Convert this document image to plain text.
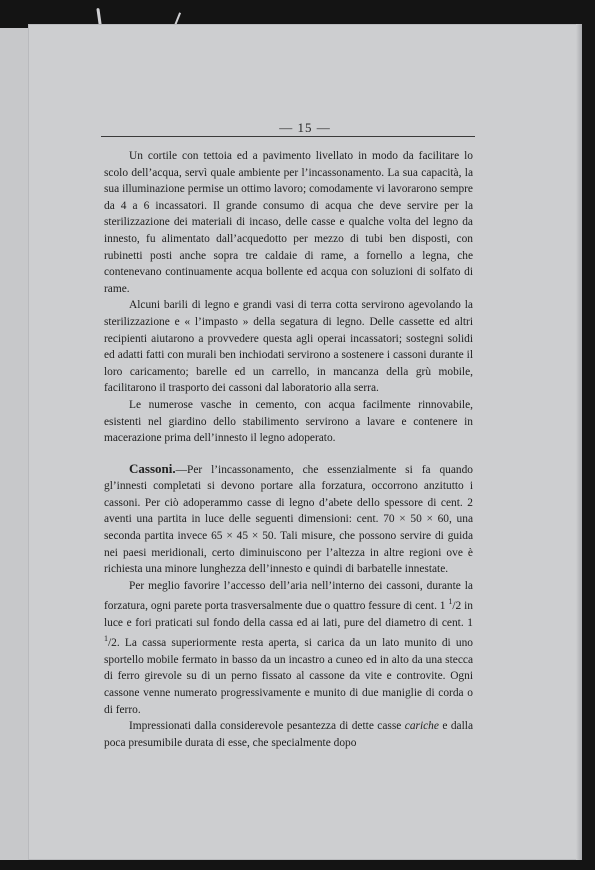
— 15 —

Un cortile con tettoia ed a pavimento livellato in modo da facilitare lo scolo dell’acqua, servì quale ambiente per l’incassonamento. La sua capacità, la sua illuminazione permise un ottimo lavoro; comodamente vi lavorarono sempre da 4 a 6 incassatori. Il grande consumo di acqua che deve servire per la sterilizzazione dei materiali di incaso, delle casse e qualche volta del legno da innesto, fu alimentato dall’acquedotto per mezzo di tubi ben disposti, con rubinetti posti anche sopra tre caldaie di rame, a fornello a legna, che contenevano continuamente acqua bollente ed acqua con soluzioni di solfato di rame.

Alcuni barili di legno e grandi vasi di terra cotta servirono agevolando la sterilizzazione e « l’impasto » della segatura di legno. Delle cassette ed altri recipienti aiutarono a provvedere questa agli operai incassatori; sostegni solidi ed adatti fatti con murali ben inchiodati servirono a sostenere i cassoni durante il loro caricamento; barelle ed un carrello, in mancanza della grù mobile, facilitarono il trasporto dei cassoni dal laboratorio alla serra.

Le numerose vasche in cemento, con acqua facilmente rinnovabile, esistenti nel giardino dello stabilimento servirono a lavare e contenere in macerazione prima dell’innesto il legno adoperato.

Cassoni.—Per l’incassonamento, che essenzialmente si fa quando gl’innesti completati si devono portare alla forzatura, occorrono anzitutto i cassoni. Per ciò adoperammo casse di legno d’abete dello spessore di cent. 2 aventi una partita in luce delle seguenti dimensioni: cent. 70 × 50 × 60, una seconda partita invece 65 × 45 × 50. Tali misure, che possono servire di guida nei paesi meridionali, certo diminuiscono per l’altezza in altre regioni ove è richiesta una minore lunghezza dell’innesto e quindi di barbatelle innestate.

Per meglio favorire l’accesso dell’aria nell’interno dei cassoni, durante la forzatura, ogni parete porta trasversalmente due o quattro fessure di cent. 1 $^1$/2 in luce e fori praticati sul fondo della cassa ed ai lati, pure del diametro di cent. 1 $^1$/2. La cassa superiormente resta aperta, si carica da un lato munito di uno sportello mobile fermato in basso da un incastro a cuneo ed in alto da una stecca di ferro girevole su di un perno fissato al cassone da vite e controvite. Ogni cassone venne numerato progressivamente e munito di due maniglie di corda o di ferro.

Impressionati dalla considerevole pesantezza di dette casse cariche e dalla poca presumibile durata di esse, che specialmente dopo
